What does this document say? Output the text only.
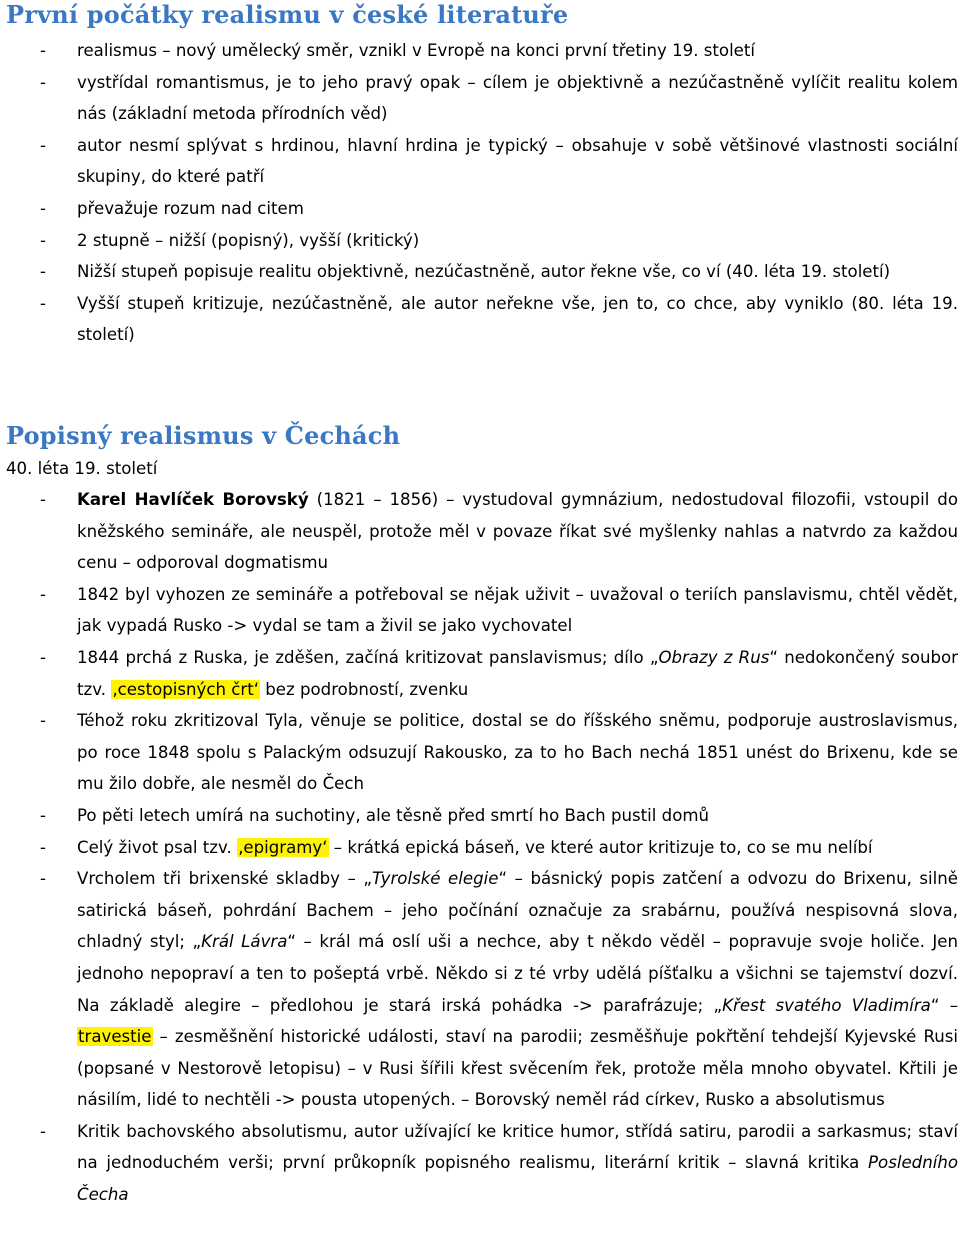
První počátky realismu v české literatuře
- realismus – nový umělecký směr, vznikl v Evropě na konci první třetiny 19. století
- vystřídal romantismus, je to jeho pravý opak – cílem je objektivně a nezúčastněně vylíčit realitu kolem nás (základní metoda přírodních věd)
- autor nesmí splývat s hrdinou, hlavní hrdina je typický – obsahuje v sobě většinové vlastnosti sociální skupiny, do které patří
- převažuje rozum nad citem
- 2 stupně – nižší (popisný), vyšší (kritický)
- Nižší stupeň popisuje realitu objektivně, nezúčastněně, autor řekne vše, co ví (40. léta 19. století)
- Vyšší stupeň kritizuje, nezúčastněně, ale autor neřekne vše, jen to, co chce, aby vyniklo (80. léta 19. století)
Popisný realismus v Čechách
40. léta 19. století
- Karel Havlíček Borovský (1821 – 1856) – vystudoval gymnázium, nedostudoval filozofii, vstoupil do kněžského semináře, ale neuspěl, protože měl v povaze říkat své myšlenky nahlas a natvrdo za každou cenu – odporoval dogmatismu
- 1842 byl vyhozen ze semináře a potřeboval se nějak uživit – uvažoval o teriích panslavismu, chtěl vědět, jak vypadá Rusko -> vydal se tam a živil se jako vychovatel
- 1844 prchá z Ruska, je zděšen, začíná kritizovat panslavismus; dílo „Obrazy z Rus“ nedokončený soubor tzv. ‚cestopisných črt‘ bez podrobností, zvenku
- Téhož roku zkritizoval Tyla, věnuje se politice, dostal se do říšského sněmu, podporuje austroslavismus, po roce 1848 spolu s Palackým odsuzují Rakousko, za to ho Bach nechá 1851 unést do Brixenu, kde se mu žilo dobře, ale nesměl do Čech
- Po pěti letech umírá na suchotiny, ale těsně před smrtí ho Bach pustil domů
- Celý život psal tzv. ‚epigramy‘ – krátká epická báseň, ve které autor kritizuje to, co se mu nelíbí
- Vrcholem tři brixenské skladby – „Tyrolské elegie“ – básnický popis zatčení a odvozu do Brixenu, silně satirická báseň, pohrdání Bachem – jeho počínání označuje za srabárnu, používá nespisovná slova, chladný styl; „Král Lávra“ – král má oslí uši a nechce, aby t někdo věděl – popravuje svoje holiče. Jen jednoho nepopraví a ten to pošeptá vrbě. Někdo si z té vrby udělá píšťalku a všichni se tajemství dozví. Na základě alegire – předlohou je stará irská pohádka -> parafrázuje; „Křest svatého Vladimíra“ – travestie – zesměšnění historické události, staví na parodii; zesměšňuje pokřtění tehdejší Kyjevské Rusi (popsané v Nestorově letopisu) – v Rusi šířili křest svěcením řek, protože měla mnoho obyvatel. Křtili je násilím, lidé to nechtěli -> pousta utopených. – Borovský neměl rád církev, Rusko a absolutismus
- Kritik bachovského absolutismu, autor užívající ke kritice humor, střídá satiru, parodii a sarkasmus; staví na jednoduchém verši; první průkopník popisného realismu, literární kritik – slavná kritika Posledního Čecha
